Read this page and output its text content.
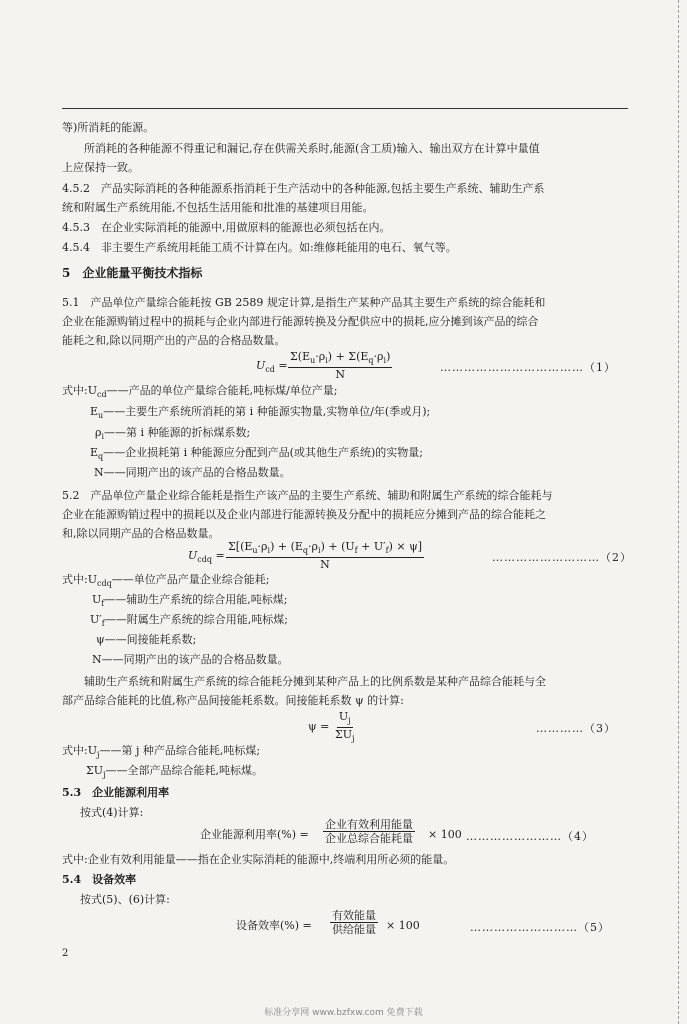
等)所消耗的能源。
所消耗的各种能源不得重记和漏记,存在供需关系时,能源(含工质)输入、输出双方在计算中量值
上应保持一致。
4.5.2　产品实际消耗的各种能源系指消耗于生产活动中的各种能源,包括主要生产系统、辅助生产系
统和附属生产系统用能,不包括生活用能和批准的基建项目用能。
4.5.3　在企业实际消耗的能源中,用做原料的能源也必须包括在内。
4.5.4　非主要生产系统用耗能工质不计算在内。如:维修耗能用的电石、氧气等。
5　企业能量平衡技术指标
5.1　产品单位产量综合能耗按 GB 2589 规定计算,是指生产某种产品其主要生产系统的综合能耗和
企业在能源购销过程中的损耗与企业内部进行能源转换及分配供应中的损耗,应分摊到该产品的综合
能耗之和,除以同期产出的产品的合格品数量。
$U_{cd} = \frac{\Sigma(E_u\cdot\rho_i) + \Sigma(E_q\cdot\rho_i)}{N}$	………………………………（1）
式中$:U_{cd}——$产品的单位产量综合能耗,吨标煤/单位产量;
$E_u——$主要生产系统所消耗的第 i 种能源实物量,实物单位/年(季或月);
$\rho_i——$第 i 种能源的折标煤系数;
$E_q——$企业损耗第 i 种能源应分配到产品(或其他生产系统)的实物量;
N——同期产出的该产品的合格品数量。
5.2　产品单位产量企业综合能耗是指生产该产品的主要生产系统、辅助和附属生产系统的综合能耗与
企业在能源购销过程中的损耗以及企业内部进行能源转换及分配中的损耗应分摊到产品的综合能耗之
和,除以同期产品的合格品数量。
$U_{cdq} = \frac{\Sigma[(E_u\cdot\rho_i) + (E_q\cdot\rho_i) + (U_f + U'_f) \times \psi]}{N}$	………………………（2）
式中$:U_{cdq}——$单位产品产量企业综合能耗;
$U_f——$辅助生产系统的综合用能,吨标煤;
$U'_f——$附属生产系统的综合用能,吨标煤;
ψ——间接能耗系数;
N——同期产出的该产品的合格品数量。
辅助生产系统和附属生产系统的综合能耗分摊到某种产品上的比例系数是某种产品综合能耗与全
部产品综合能耗的比值,称产品间接能耗系数。间接能耗系数 ψ 的计算:
ψ =
$U_j$
$\Sigma U_j$
…………（3）
式中$:U_j——$第 j 种产品综合能耗,吨标煤;
$\Sigma U_j——$全部产品综合能耗,吨标煤。
5.3　企业能源利用率
按式(4)计算:
企业能源利用率(%) =
企业有效利用能量
企业总综合能耗量 × 100 ……………………（4）
式中:企业有效利用能量——指在企业实际消耗的能源中,终端利用所必须的能量。
5.4　设备效率
按式(5)、(6)计算:
设备效率(%) =
有效能量
供给能量 × 100	………………………（5）
2
标准分享网 www.bzfxw.com 免费下载
